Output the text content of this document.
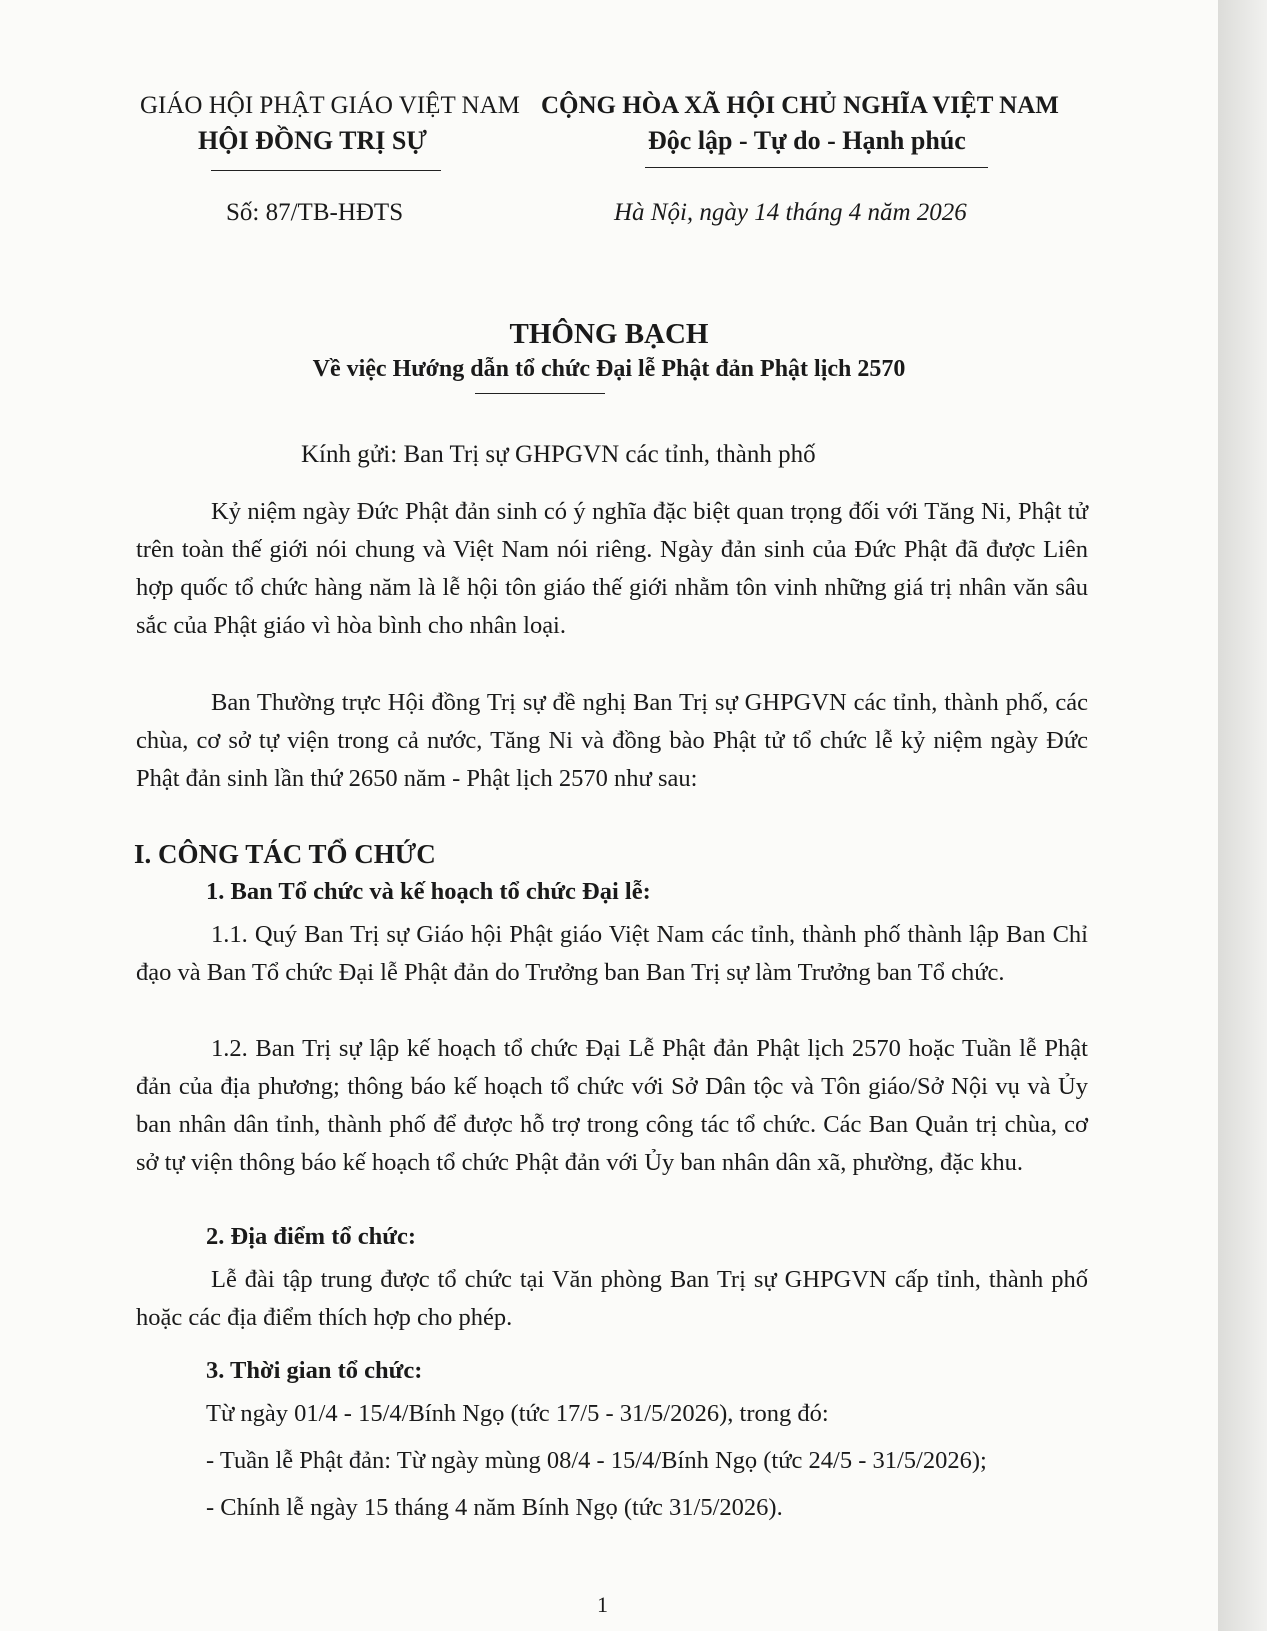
GIÁO HỘI PHẬT GIÁO VIỆT NAM
HỘI ĐỒNG TRỊ SỰ
CỘNG HÒA XÃ HỘI CHỦ NGHĨA VIỆT NAM
Độc lập - Tự do - Hạnh phúc
Số: 87/TB-HĐTS	Hà Nội, ngày 14 tháng 4 năm 2026
THÔNG BẠCH
Về việc Hướng dẫn tổ chức Đại lễ Phật đản Phật lịch 2570
Kính gửi: Ban Trị sự GHPGVN các tỉnh, thành phố
Kỷ niệm ngày Đức Phật đản sinh có ý nghĩa đặc biệt quan trọng đối với Tăng Ni, Phật tử trên toàn thế giới nói chung và Việt Nam nói riêng. Ngày đản sinh của Đức Phật đã được Liên hợp quốc tổ chức hàng năm là lễ hội tôn giáo thế giới nhằm tôn vinh những giá trị nhân văn sâu sắc của Phật giáo vì hòa bình cho nhân loại.
Ban Thường trực Hội đồng Trị sự đề nghị Ban Trị sự GHPGVN các tỉnh, thành phố, các chùa, cơ sở tự viện trong cả nước, Tăng Ni và đồng bào Phật tử tổ chức lễ kỷ niệm ngày Đức Phật đản sinh lần thứ 2650 năm - Phật lịch 2570 như sau:
I. CÔNG TÁC TỔ CHỨC
1. Ban Tổ chức và kế hoạch tổ chức Đại lễ:
1.1. Quý Ban Trị sự Giáo hội Phật giáo Việt Nam các tỉnh, thành phố thành lập Ban Chỉ đạo và Ban Tổ chức Đại lễ Phật đản do Trưởng ban Ban Trị sự làm Trưởng ban Tổ chức.
1.2. Ban Trị sự lập kế hoạch tổ chức Đại Lễ Phật đản Phật lịch 2570 hoặc Tuần lễ Phật đản của địa phương; thông báo kế hoạch tổ chức với Sở Dân tộc và Tôn giáo/Sở Nội vụ và Ủy ban nhân dân tỉnh, thành phố để được hỗ trợ trong công tác tổ chức. Các Ban Quản trị chùa, cơ sở tự viện thông báo kế hoạch tổ chức Phật đản với Ủy ban nhân dân xã, phường, đặc khu.
2. Địa điểm tổ chức:
Lễ đài tập trung được tổ chức tại Văn phòng Ban Trị sự GHPGVN cấp tỉnh, thành phố hoặc các địa điểm thích hợp cho phép.
3. Thời gian tổ chức:
Từ ngày 01/4 - 15/4/Bính Ngọ (tức 17/5 - 31/5/2026), trong đó:
- Tuần lễ Phật đản: Từ ngày mùng 08/4 - 15/4/Bính Ngọ (tức 24/5 - 31/5/2026);
- Chính lễ ngày 15 tháng 4 năm Bính Ngọ (tức 31/5/2026).
1
